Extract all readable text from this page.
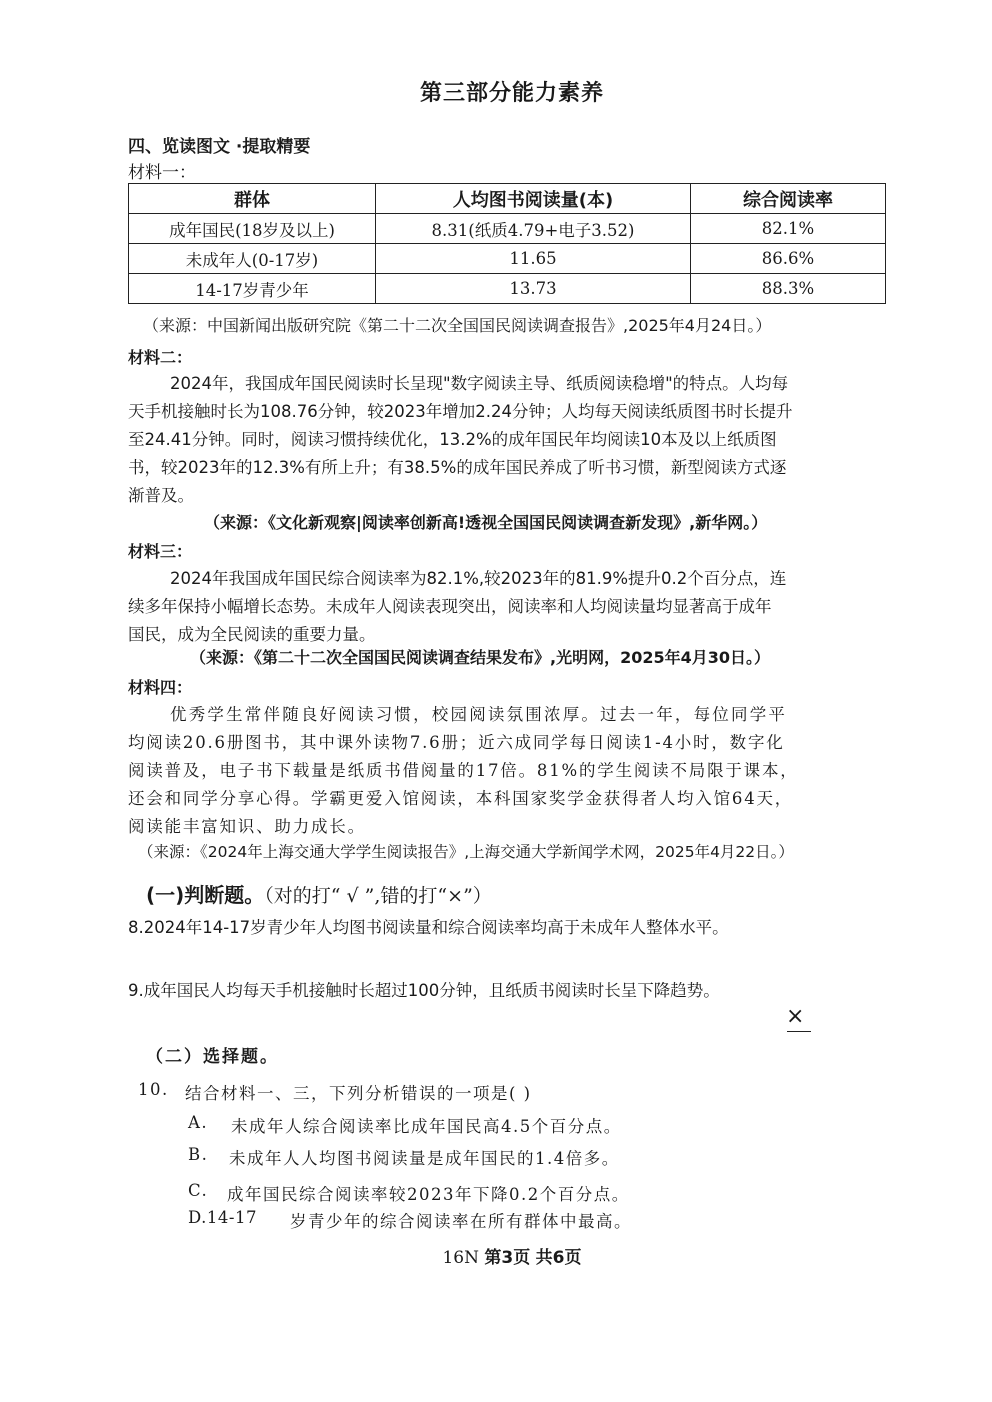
第三部分能力素养
四、览读图文 ·提取精要
材料一：
群体	人均图书阅读量(本)	综合阅读率
成年国民(18岁及以上)	8.31(纸质4.79+电子3.52)	82.1%
未成年人(0-17岁)	11.65	86.6%
14-17岁青少年	13.73	88.3%
（来源：中国新闻出版研究院《第二十二次全国国民阅读调查报告》,2025年4月24日。）
材料二：
2024年，我国成年国民阅读时长呈现"数字阅读主导、纸质阅读稳增"的特点。人均每
天手机接触时长为108.76分钟，较2023年增加2.24分钟；人均每天阅读纸质图书时长提升
至24.41分钟。同时，阅读习惯持续优化，13.2%的成年国民年均阅读10本及以上纸质图
书，较2023年的12.3%有所上升；有38.5%的成年国民养成了听书习惯，新型阅读方式逐
渐普及。
（来源：《文化新观察|阅读率创新高!透视全国国民阅读调查新发现》,新华网。）
材料三：
2024年我国成年国民综合阅读率为82.1%,较2023年的81.9%提升0.2个百分点，连
续多年保持小幅增长态势。未成年人阅读表现突出，阅读率和人均阅读量均显著高于成年
国民，成为全民阅读的重要力量。
（来源：《第二十二次全国国民阅读调查结果发布》,光明网，2025年4月30日。）
材料四：
优秀学生常伴随良好阅读习惯，校园阅读氛围浓厚。过去一年，每位同学平
均阅读20.6册图书，其中课外读物7.6册；近六成同学每日阅读1-4小时，数字化
阅读普及，电子书下载量是纸质书借阅量的17倍。81%的学生阅读不局限于课本，
还会和同学分享心得。学霸更爱入馆阅读，本科国家奖学金获得者人均入馆64天，
阅读能丰富知识、助力成长。
（来源：《2024年上海交通大学学生阅读报告》,上海交通大学新闻学术网，2025年4月22日。）
(一)判断题。（对的打“ √ ”,错的打“×”）
8.2024年14-17岁青少年人均图书阅读量和综合阅读率均高于未成年人整体水平。
9.成年国民人均每天手机接触时长超过100分钟，且纸质书阅读时长呈下降趋势。
×
（二）选择题。
10. 结合材料一、三，下列分析错误的一项是( )
A. 未成年人综合阅读率比成年国民高4.5个百分点。
B. 未成年人人均图书阅读量是成年国民的1.4倍多。
C. 成年国民综合阅读率较2023年下降0.2个百分点。
D.14-17 岁青少年的综合阅读率在所有群体中最高。
16N 第3页 共6页
